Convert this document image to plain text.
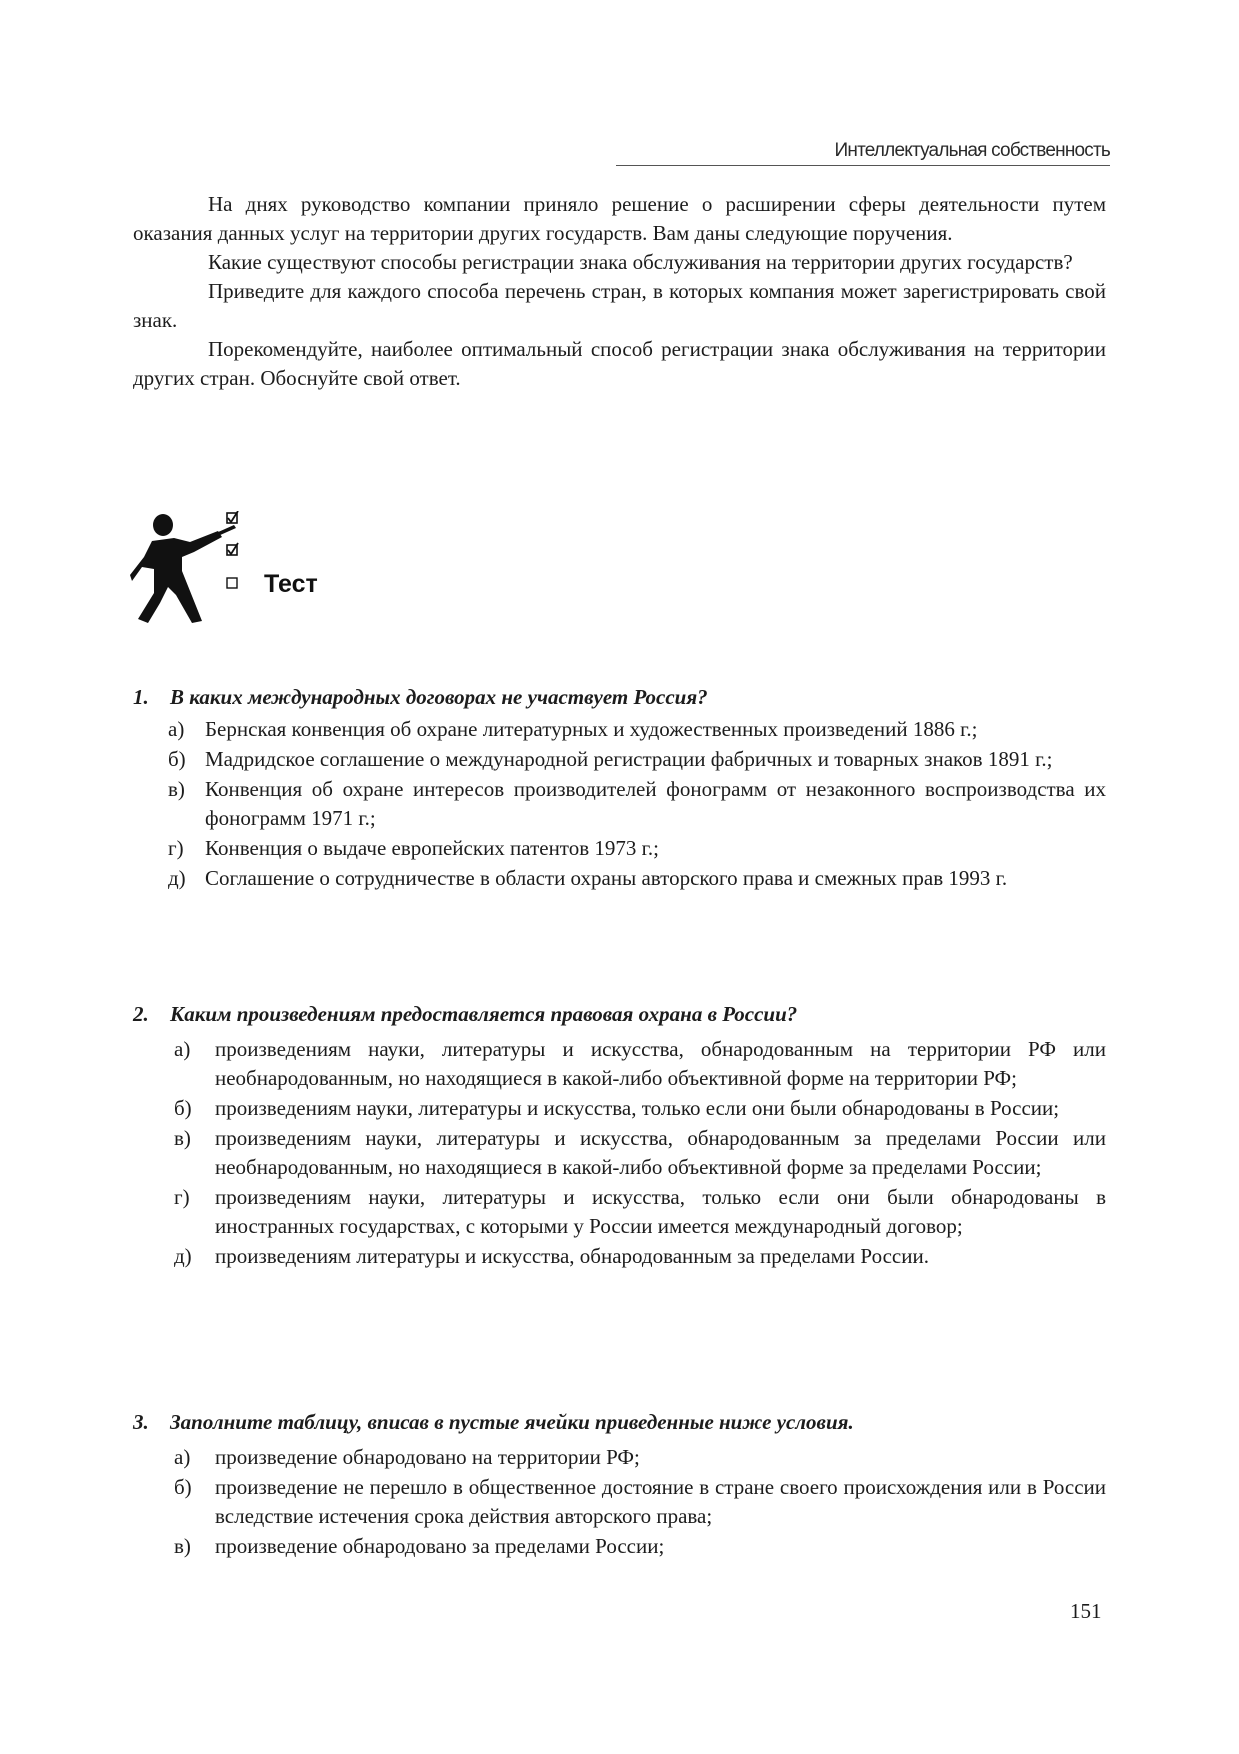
Интеллектуальная собственность

На днях руководство компании приняло решение о расширении сферы деятельности путем оказания данных услуг на территории других государств. Вам даны следующие поручения.

Какие существуют способы регистрации знака обслуживания на территории других государств?

Приведите для каждого способа перечень стран, в которых компания может зарегистрировать свой знак.

Порекомендуйте, наиболее оптимальный способ регистрации знака обслуживания на территории других стран. Обоснуйте свой ответ.

Тест
1.	В каких международных договорах не участвует Россия?
а) Бернская конвенция об охране литературных и художественных произведений 1886 г.;
б) Мадридское соглашение о международной регистрации фабричных и товарных знаков 1891 г.;
в) Конвенция об охране интересов производителей фонограмм от незаконного воспроизводства их фонограмм 1971 г.;
г)	Конвенция о выдаче европейских патентов 1973 г.;
д) Соглашение о сотрудничестве в области охраны авторского права и смежных прав 1993 г.
2.	Каким произведениям предоставляется правовая охрана в России?
а)	произведениям науки, литературы и искусства, обнародованным на территории РФ или необнародованным, но находящиеся в какой-либо объективной форме на территории РФ;
б)	произведениям науки, литературы и искусства, только если они были обнародованы в России;
в)	произведениям науки, литературы и искусства, обнародованным за пределами России или необнародованным, но находящиеся в какой-либо объективной форме за пределами России;
г)	произведениям науки, литературы и искусства, только если они были обнародованы в иностранных государствах, с которыми у России имеется международный договор;
д)	произведениям литературы и искусства, обнародованным за пределами России.
3.	Заполните таблицу, вписав в пустые ячейки приведенные ниже условия.
а)	произведение обнародовано на территории РФ;
б)	произведение не перешло в общественное достояние в стране своего происхождения или в России вследствие истечения срока действия авторского права;
в)	произведение обнародовано за пределами России;
151
